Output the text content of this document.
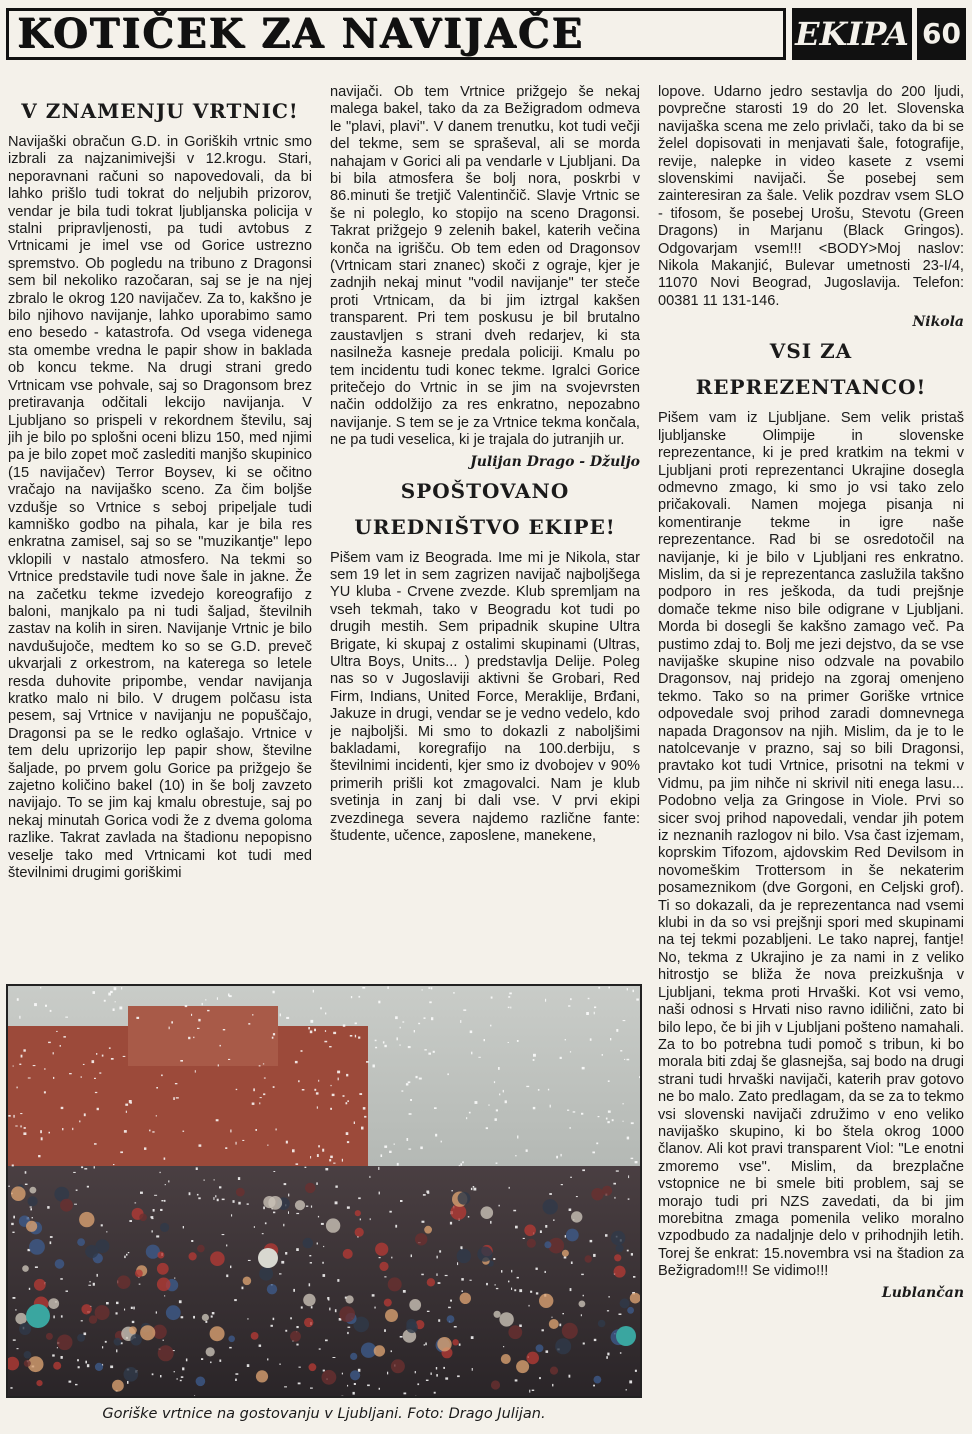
KOTIČEK ZA NAVIJAČE	EKIPA 60
V ZNAMENJU VRTNIC!

Navijaški obračun G.D. in Goriških vrtnic smo izbrali za najzanimivejši v 12.krogu. Stari, neporavnani računi so napovedovali, da bi lahko prišlo tudi tokrat do neljubih prizorov, vendar je bila tudi tokrat ljubljanska policija v stalni pripravljenosti, pa tudi avtobus z Vrtnicami je imel vse od Gorice ustrezno spremstvo. Ob pogledu na tribuno z Dragonsi sem bil nekoliko razočaran, saj se je na njej zbralo le okrog 120 navijačev. Za to, kakšno je bilo njihovo navijanje, lahko uporabimo samo eno besedo - katastrofa. Od vsega videnega sta omembe vredna le papir show in baklada ob koncu tekme. Na drugi strani gredo Vrtnicam vse pohvale, saj so Dragonsom brez pretiravanja odčitali lekcijo navijanja. V Ljubljano so prispeli v rekordnem številu, saj jih je bilo po splošni oceni blizu 150, med njimi pa je bilo zopet moč zaslediti manjšo skupinico (15 navijačev) Terror Boysev, ki se očitno vračajo na navijaško sceno. Za čim boljše vzdušje so Vrtnice s seboj pripeljale tudi kamniško godbo na pihala, kar je bila res enkratna zamisel, saj so se "muzikantje" lepo vklopili v nastalo atmosfero. Na tekmi so Vrtnice predstavile tudi nove šale in jakne. Že na začetku tekme izvedejo koreografijo z baloni, manjkalo pa ni tudi šaljad, številnih zastav na kolih in siren. Navijanje Vrtnic je bilo navdušujoče, medtem ko so se G.D. preveč ukvarjali z orkestrom, na katerega so letele resda duhovite pripombe, vendar navijanja kratko malo ni bilo. V drugem polčasu ista pesem, saj Vrtnice v navijanju ne popuščajo, Dragonsi pa se le redko oglašajo. Vrtnice v tem delu uprizorijo lep papir show, številne šaljade, po prvem golu Gorice pa prižgejo še zajetno količino bakel (10) in še bolj zavzeto navijajo. To se jim kaj kmalu obrestuje, saj po nekaj minutah Gorica vodi že z dvema goloma razlike. Takrat zavlada na štadionu nepopisno veselje tako med Vrtnicami kot tudi med številnimi drugimi goriškimi

navijači. Ob tem Vrtnice prižgejo še nekaj malega bakel, tako da za Bežigradom odmeva le "plavi, plavi". V danem trenutku, kot tudi večji del tekme, sem se spraševal, ali se morda nahajam v Gorici ali pa vendarle v Ljubljani. Da bi bila atmosfera še bolj nora, poskrbi v 86.minuti še tretjič Valentinčič. Slavje Vrtnic se še ni poleglo, ko stopijo na sceno Dragonsi. Takrat prižgejo 9 zelenih bakel, katerih večina konča na igrišču. Ob tem eden od Dragonsov (Vrtnicam stari znanec) skoči z ograje, kjer je zadnjih nekaj minut "vodil navijanje" ter steče proti Vrtnicam, da bi jim iztrgal kakšen transparent. Pri tem poskusu je bil brutalno zaustavljen s strani dveh redarjev, ki sta nasilneža kasneje predala policiji. Kmalu po tem incidentu tudi konec tekme. Igralci Gorice pritečejo do Vrtnic in se jim na svojevrsten način oddolžijo za res enkratno, nepozabno navijanje. S tem se je za Vrtnice tekma končala, ne pa tudi veselica, ki je trajala do jutranjih ur.

Julijan Drago - Džuljo
SPOŠTOVANO
UREDNIŠTVO EKIPE!

Pišem vam iz Beograda. Ime mi je Nikola, star sem 19 let in sem zagrizen navijač najboljšega YU kluba - Crvene zvezde. Klub spremljam na vseh tekmah, tako v Beogradu kot tudi po drugih mestih. Sem pripadnik skupine Ultra Brigate, ki skupaj z ostalimi skupinami (Ultras, Ultra Boys, Units... ) predstavlja Delije. Poleg nas so v Jugoslaviji aktivni še Grobari, Red Firm, Indians, United Force, Meraklije, Brđani, Jakuze in drugi, vendar se je vedno vedelo, kdo je najboljši. Mi smo to dokazli z naboljšimi bakladami, koregrafijo na 100.derbiju, s številnimi incidenti, kjer smo iz dvobojev v 90% primerih prišli kot zmagovalci. Nam je klub svetinja in zanj bi dali vse. V prvi ekipi zvezdinega severa najdemo različne fante: študente, učence, zaposlene, manekene,

lopove. Udarno jedro sestavlja do 200 ljudi, povprečne starosti 19 do 20 let. Slovenska navijaška scena me zelo privlači, tako da bi se želel dopisovati in menjavati šale, fotografije, revije, nalepke in video kasete z vsemi slovenskimi navijači. Še posebej sem zainteresiran za šale. Velik pozdrav vsem SLO - tifosom, še posebej Urošu, Stevotu (Green Dragons) in Marjanu (Black Gringos). Odgovarjam vsem!!! <BODY>Moj naslov: Nikola Makanjić, Bulevar umetnosti 23-I/4, 11070 Novi Beograd, Jugoslavija. Telefon: 00381 11 131-146.

Nikola
VSI ZA
REPREZENTANCO!

Pišem vam iz Ljubljane. Sem velik pristaš ljubljanske Olimpije in slovenske reprezentance, ki je pred kratkim na tekmi v Ljubljani proti reprezentanci Ukrajine dosegla odmevno zmago, ki smo jo vsi tako zelo pričakovali. Namen mojega pisanja ni komentiranje tekme in igre naše reprezentance. Rad bi se osredotočil na navijanje, ki je bilo v Ljubljani res enkratno. Mislim, da si je reprezentanca zaslužila takšno podporo in res ješkoda, da tudi prejšnje domače tekme niso bile odigrane v Ljubljani. Morda bi dosegli še kakšno zamago več. Pa pustimo zdaj to. Bolj me jezi dejstvo, da se vse navijaške skupine niso odzvale na povabilo Dragonsov, naj pridejo na zgoraj omenjeno tekmo. Tako so na primer Goriške vrtnice odpovedale svoj prihod zaradi domnevnega napada Dragonsov na njih. Mislim, da je to le natolcevanje v prazno, saj so bili Dragonsi, pravtako kot tudi Vrtnice, prisotni na tekmi v Vidmu, pa jim nihče ni skrivil niti enega lasu... Podobno velja za Gringose in Viole. Prvi so sicer svoj prihod napovedali, vendar jih potem iz neznanih razlogov ni bilo. Vsa čast izjemam, koprskim Tifozom, ajdovskim Red Devilsom in novomeškim Trottersom in še nekaterim posameznikom (dve Gorgoni, en Celjski grof). Ti so dokazali, da je reprezentanca nad vsemi klubi in da so vsi prejšnji spori med skupinami na tej tekmi pozabljeni. Le tako naprej, fantje! No, tekma z Ukrajino je za nami in z veliko hitrostjo se bliža že nova preizkušnja v Ljubljani, tekma proti Hrvaški. Kot vsi vemo, naši odnosi s Hrvati niso ravno idilični, zato bi bilo lepo, če bi jih v Ljubljani pošteno namahali. Za to bo potrebna tudi pomoč s tribun, ki bo morala biti zdaj še glasnejša, saj bodo na drugi strani tudi hrvaški navijači, katerih prav gotovo ne bo malo. Zato predlagam, da se za to tekmo vsi slovenski navijači združimo v eno veliko navijaško skupino, ki bo štela okrog 1000 članov. Ali kot pravi transparent Viol: "Le enotni zmoremo vse". Mislim, da brezplačne vstopnice ne bi smele biti problem, saj se morajo tudi pri NZS zavedati, da bi jim morebitna zmaga pomenila veliko moralno vzpodbudo za nadaljnje delo v prihodnjih letih. Torej še enkrat: 15.novembra vsi na štadion za Bežigradom!!! Se vidimo!!!

Lublančan
Goriške vrtnice na gostovanju v Ljubljani. Foto: Drago Julijan.
